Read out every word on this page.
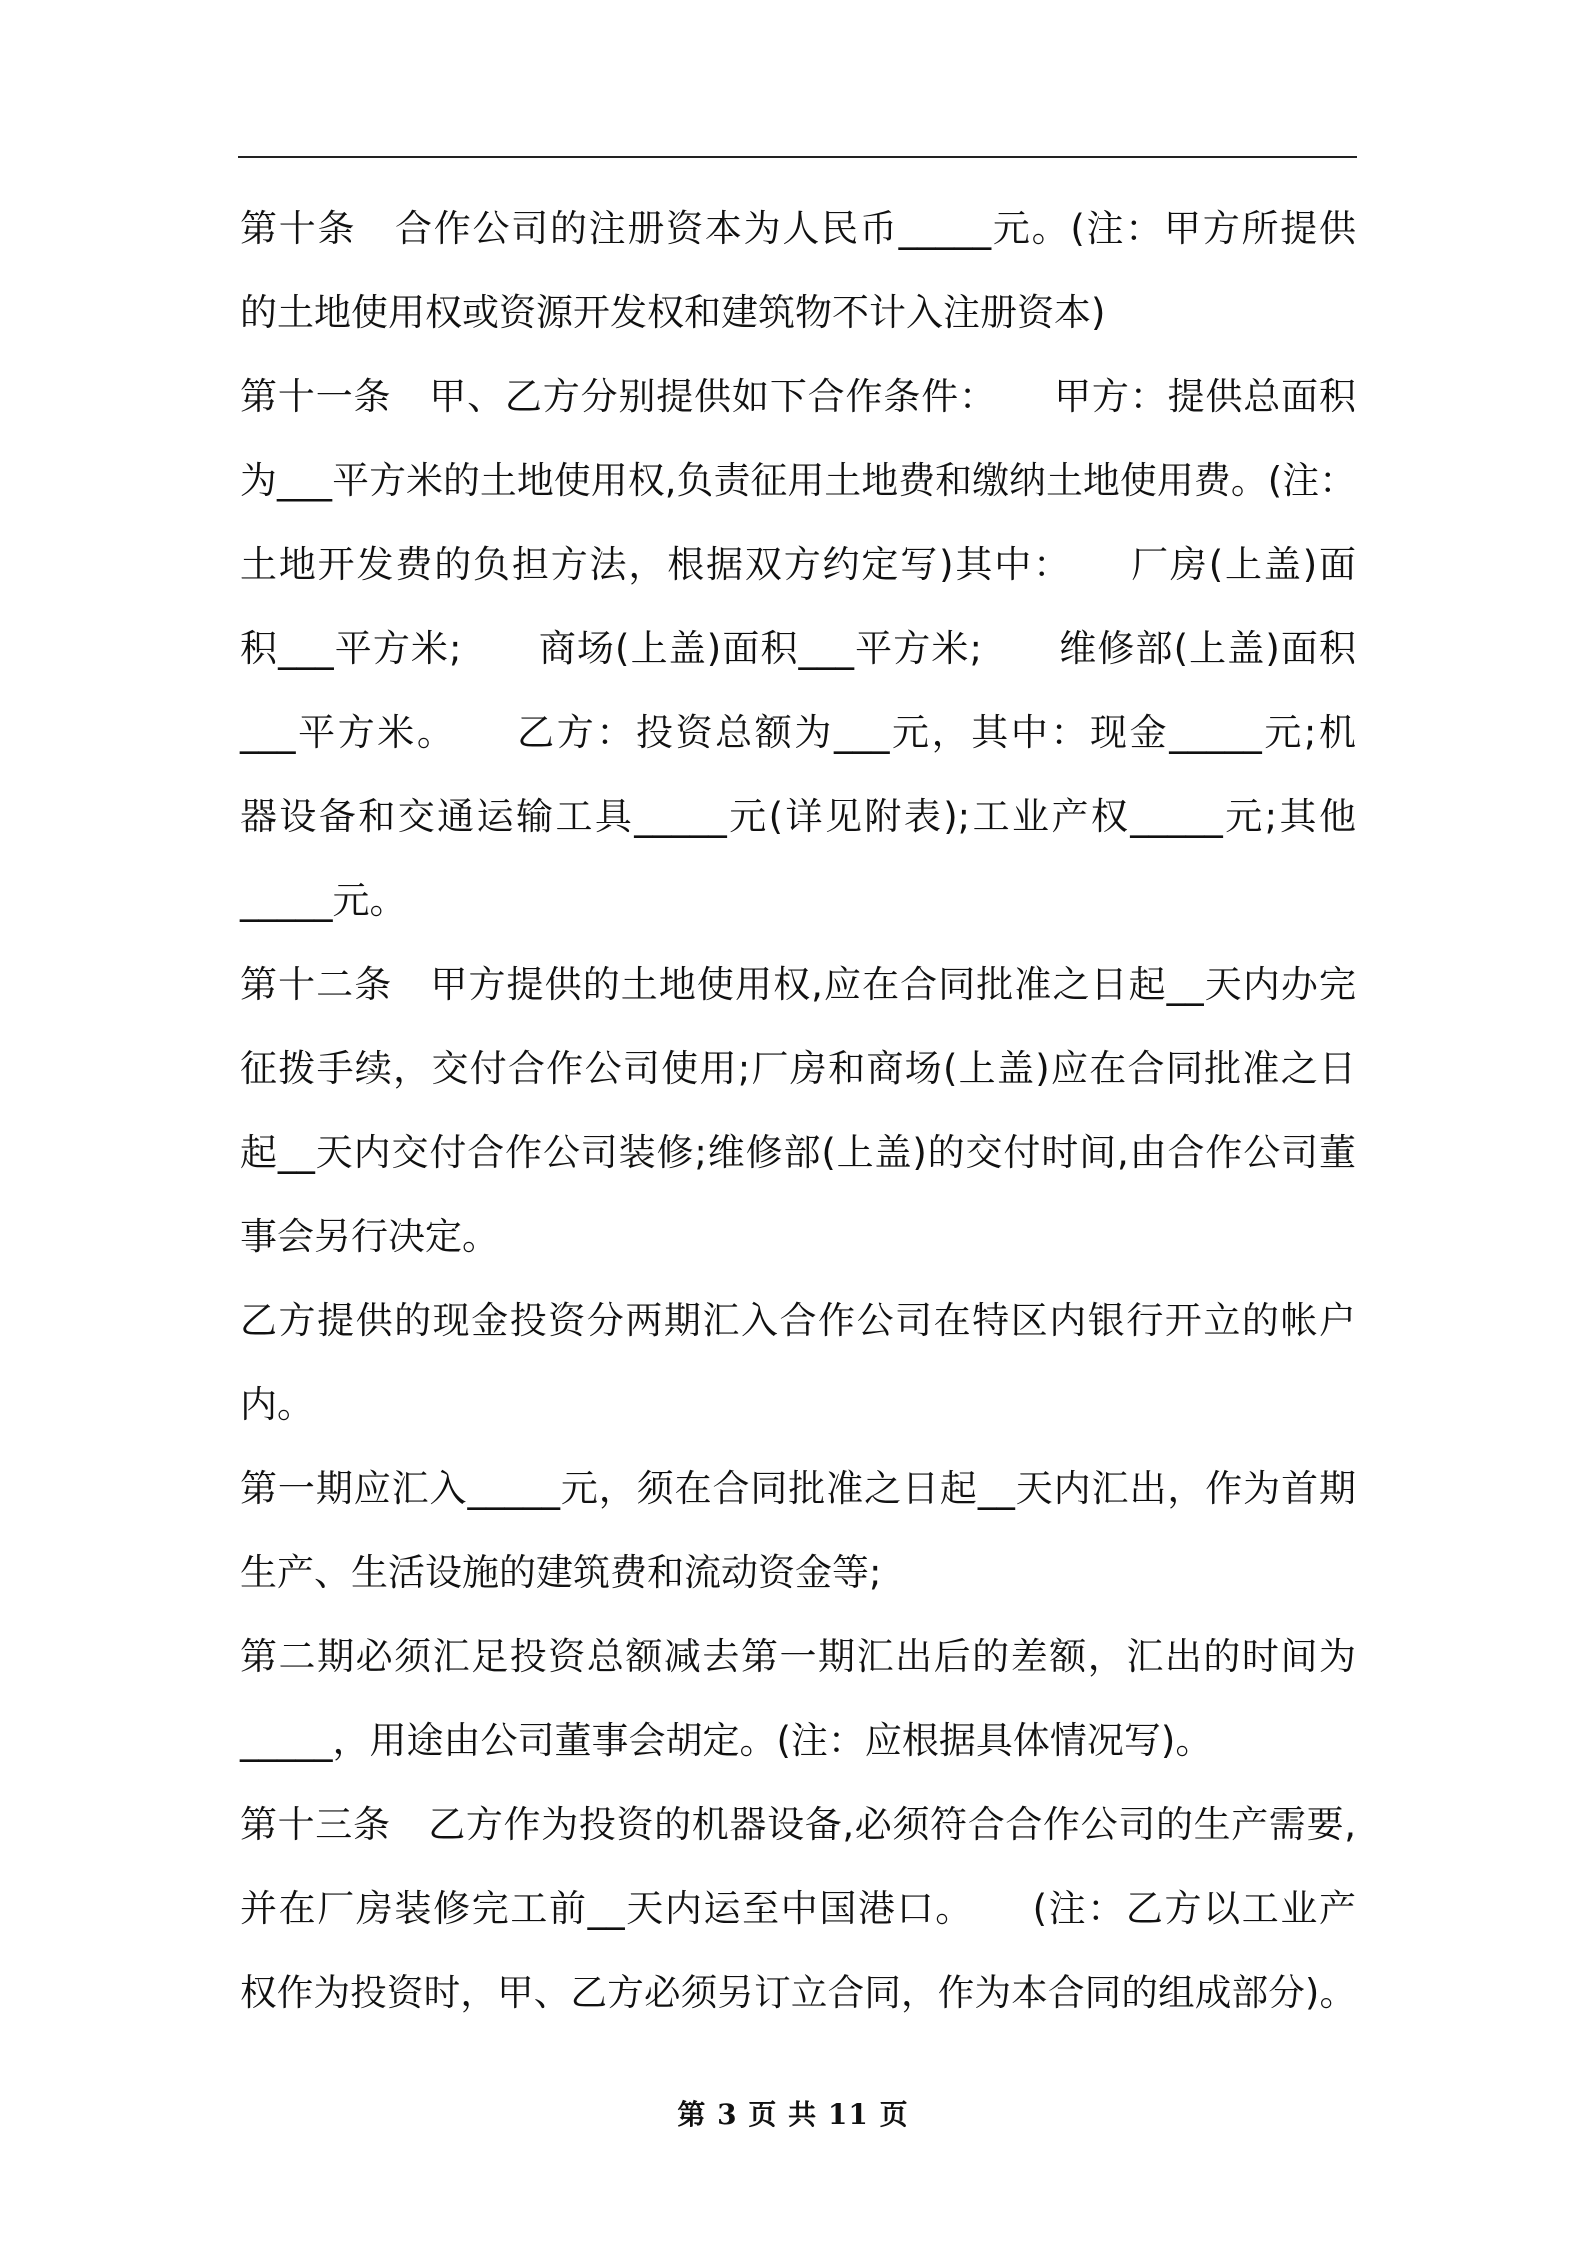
第十条　合作公司的注册资本为人民币_____元。(注：甲方所提供
的土地使用权或资源开发权和建筑物不计入注册资本)
第十一条　甲、乙方分别提供如下合作条件：　　甲方：提供总面积
为___平方米的土地使用权,负责征用土地费和缴纳土地使用费。(注：
土地开发费的负担方法，根据双方约定写)其中：　　厂房(上盖)面
积___平方米;　　商场(上盖)面积___平方米;　　维修部(上盖)面积
___平方米。　　乙方：投资总额为___元，其中：现金_____元;机
器设备和交通运输工具_____元(详见附表);工业产权_____元;其他
_____元。
第十二条　甲方提供的土地使用权,应在合同批准之日起__天内办完
征拨手续，交付合作公司使用;厂房和商场(上盖)应在合同批准之日
起__天内交付合作公司装修;维修部(上盖)的交付时间,由合作公司董
事会另行决定。
乙方提供的现金投资分两期汇入合作公司在特区内银行开立的帐户
内。
第一期应汇入_____元，须在合同批准之日起__天内汇出，作为首期
生产、生活设施的建筑费和流动资金等;
第二期必须汇足投资总额减去第一期汇出后的差额，汇出的时间为
_____，用途由公司董事会胡定。(注：应根据具体情况写)。
第十三条　乙方作为投资的机器设备,必须符合合作公司的生产需要,
并在厂房装修完工前__天内运至中国港口。　　(注：乙方以工业产
权作为投资时，甲、乙方必须另订立合同，作为本合同的组成部分)。
第 3 页 共 11 页
